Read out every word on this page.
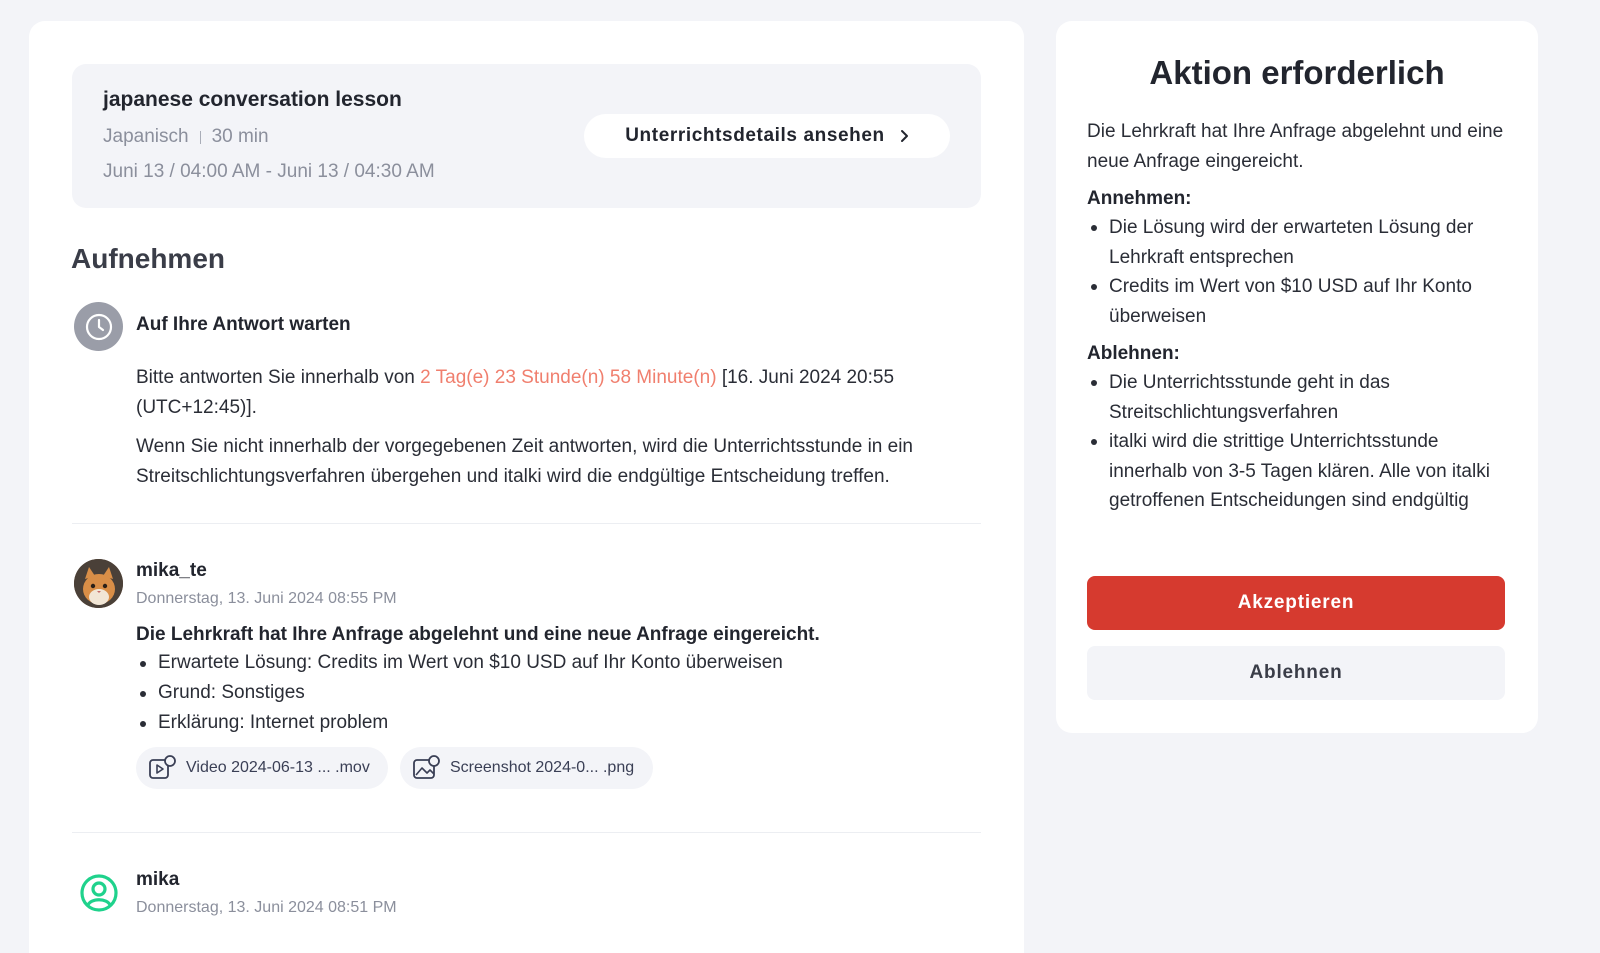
japanese conversation lesson
Japanisch 30 min
Juni 13 / 04:00 AM - Juni 13 / 04:30 AM
Unterrichtsdetails ansehen
Aufnehmen
Auf Ihre Antwort warten
Bitte antworten Sie innerhalb von 2 Tag(e) 23 Stunde(n) 58 Minute(n) [16. Juni 2024 20:55 (UTC+12:45)].
Wenn Sie nicht innerhalb der vorgegebenen Zeit antworten, wird die Unterrichtsstunde in ein Streitschlichtungsverfahren übergehen und italki wird die endgültige Entscheidung treffen.
mika_te
Donnerstag, 13. Juni 2024 08:55 PM
Die Lehrkraft hat Ihre Anfrage abgelehnt und eine neue Anfrage eingereicht.
Erwartete Lösung: Credits im Wert von $10 USD auf Ihr Konto überweisen
Grund: Sonstiges
Erklärung: Internet problem
Video 2024-06-13 ... .mov	Screenshot 2024-0... .png
mika
Donnerstag, 13. Juni 2024 08:51 PM
Aktion erforderlich
Die Lehrkraft hat Ihre Anfrage abgelehnt und eine neue Anfrage eingereicht.
Annehmen:
Die Lösung wird der erwarteten Lösung der Lehrkraft entsprechen
Credits im Wert von $10 USD auf Ihr Konto überweisen
Ablehnen:
Die Unterrichtsstunde geht in das Streitschlichtungsverfahren
italki wird die strittige Unterrichtsstunde innerhalb von 3-5 Tagen klären. Alle von italki getroffenen Entscheidungen sind endgültig
Akzeptieren
Ablehnen
